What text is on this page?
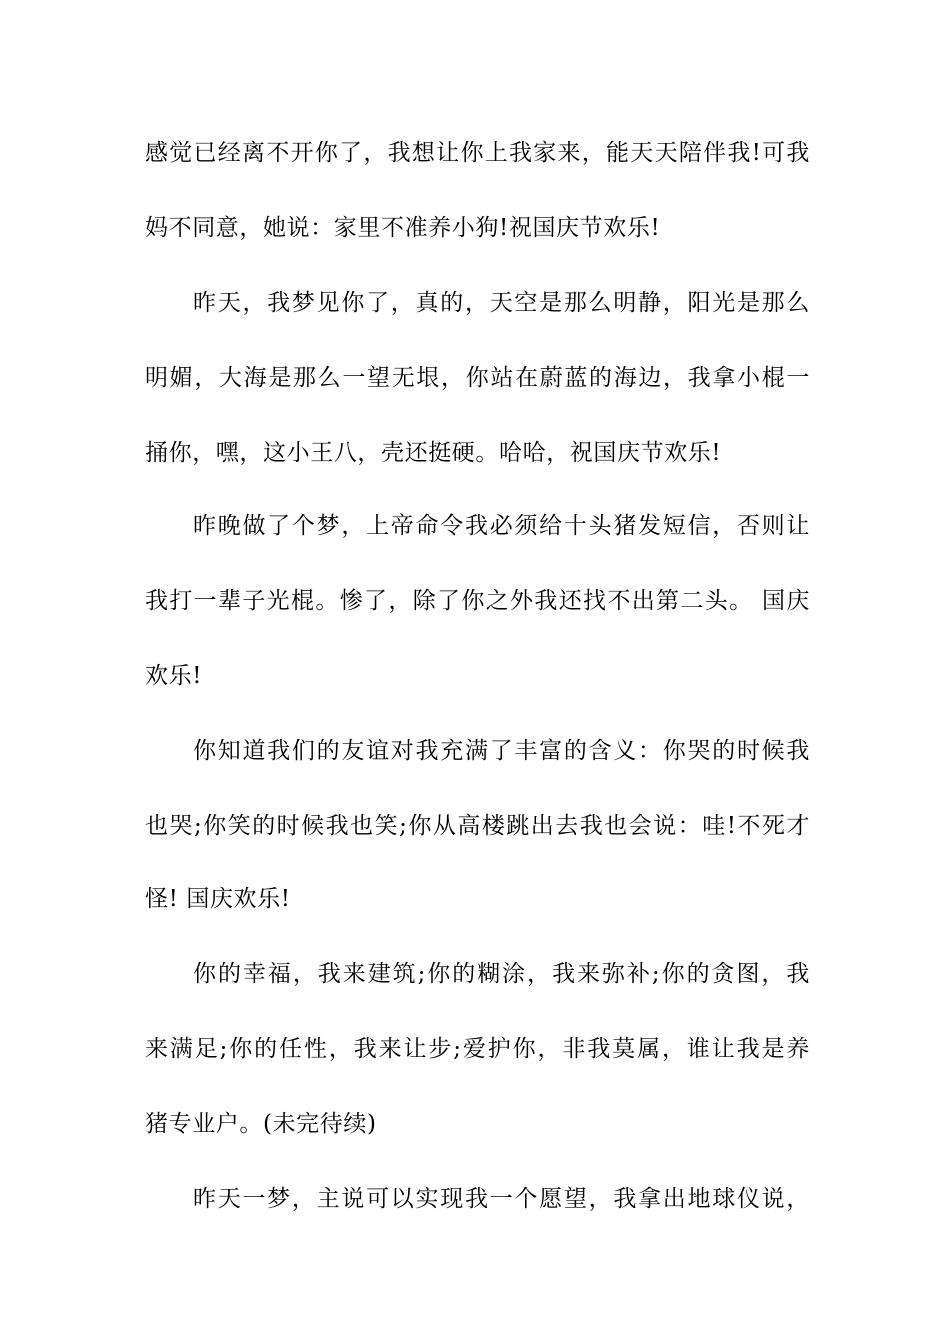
感觉已经离不开你了，我想让你上我家来，能天天陪伴我!可我

妈不同意，她说：家里不准养小狗!祝国庆节欢乐!

昨天，我梦见你了，真的，天空是那么明静，阳光是那么

明媚，大海是那么一望无垠，你站在蔚蓝的海边，我拿小棍一

捅你，嘿，这小王八，壳还挺硬。哈哈，祝国庆节欢乐!

昨晚做了个梦，上帝命令我必须给十头猪发短信，否则让

我打一辈子光棍。惨了，除了你之外我还找不出第二头。 国庆

欢乐!

你知道我们的友谊对我充满了丰富的含义：你哭的时候我

也哭;你笑的时候我也笑;你从高楼跳出去我也会说：哇!不死才

怪! 国庆欢乐!

你的幸福，我来建筑;你的糊涂，我来弥补;你的贪图，我

来满足;你的任性，我来让步;爱护你，非我莫属，谁让我是养

猪专业户。(未完待续)

昨天一梦，主说可以实现我一个愿望，我拿出地球仪说，
